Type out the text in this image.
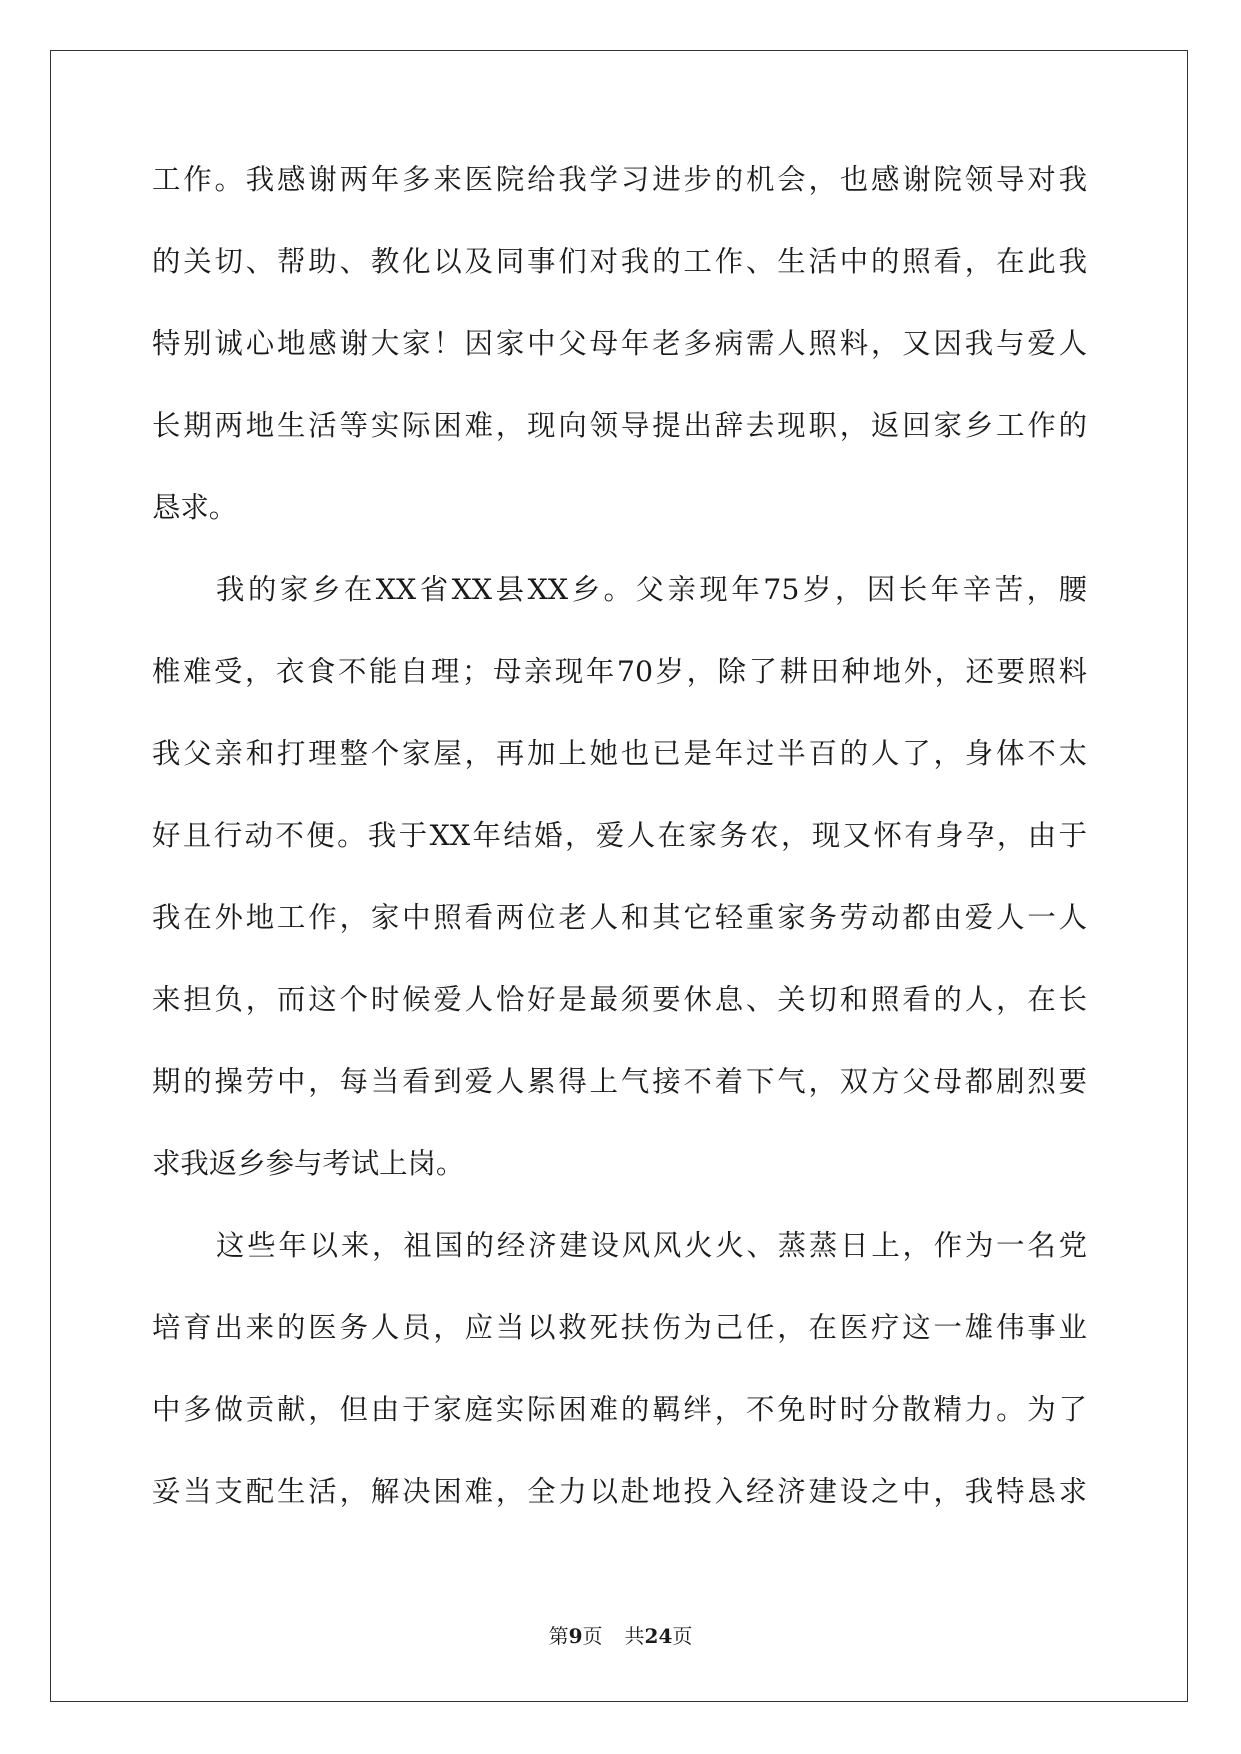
工作。我感谢两年多来医院给我学习进步的机会，也感谢院领导对我
的关切、帮助、教化以及同事们对我的工作、生活中的照看，在此我
特别诚心地感谢大家！因家中父母年老多病需人照料，又因我与爱人
长期两地生活等实际困难，现向领导提出辞去现职，返回家乡工作的
恳求。
我的家乡在XX省XX县XX乡。父亲现年75岁，因长年辛苦，腰
椎难受，衣食不能自理；母亲现年70岁，除了耕田种地外，还要照料
我父亲和打理整个家屋，再加上她也已是年过半百的人了，身体不太
好且行动不便。我于XX年结婚，爱人在家务农，现又怀有身孕，由于
我在外地工作，家中照看两位老人和其它轻重家务劳动都由爱人一人
来担负，而这个时候爱人恰好是最须要休息、关切和照看的人，在长
期的操劳中，每当看到爱人累得上气接不着下气，双方父母都剧烈要
求我返乡参与考试上岗。
这些年以来，祖国的经济建设风风火火、蒸蒸日上，作为一名党
培育出来的医务人员，应当以救死扶伤为己任，在医疗这一雄伟事业
中多做贡献，但由于家庭实际困难的羁绊，不免时时分散精力。为了
妥当支配生活，解决困难，全力以赴地投入经济建设之中，我特恳求
第9页 共24页
